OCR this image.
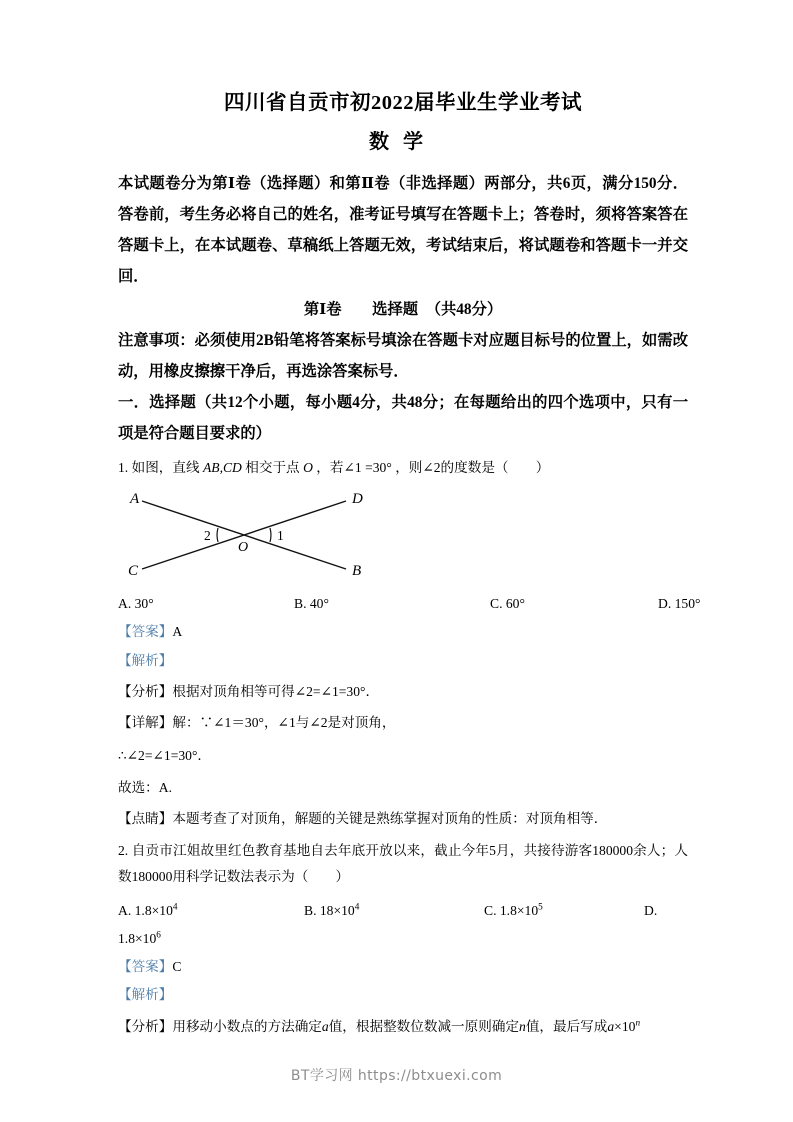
四川省自贡市初2022届毕业生学业考试
数学

本试题卷分为第Ⅰ卷（选择题）和第Ⅱ卷（非选择题）两部分，共6页，满分150分．答卷前，考生务必将自己的姓名，准考证号填写在答题卡上；答卷时，须将答案答在答题卡上，在本试题卷、草稿纸上答题无效，考试结束后，将试题卷和答题卡一并交回．

第Ⅰ卷　　选择题　（共48分）

注意事项：必须使用2B铅笔将答案标号填涂在答题卡对应题目标号的位置上，如需改动，用橡皮擦擦干净后，再选涂答案标号．

一．选择题（共12个小题，每小题4分，共48分；在每题给出的四个选项中，只有一项是符合题目要求的）

1. 如图，直线 AB,CD 相交于点 O ，若∠1 =30° ，则∠2的度数是（　　）

A	D
C	B
O
2	1
A. 30°	B. 40°	C. 60°	D. 150°
【答案】A
【解析】
【分析】根据对顶角相等可得∠2=∠1=30°．
【详解】解：∵∠1＝30°，∠1与∠2是对顶角，
∴∠2=∠1=30°．
故选：A.
【点睛】本题考查了对顶角，解题的关键是熟练掌握对顶角的性质：对顶角相等．

2. 自贡市江姐故里红色教育基地自去年底开放以来，截止今年5月，共接待游客180000余人；人数180000用科学记数法表示为（　　）

A. $1.8\times 10^4$	B. $18\times 10^4$	C. $1.8\times 10^5$	D.
$1.8\times 10^6$
【答案】C
【解析】
【分析】用移动小数点的方法确定a值，根据整数位数减一原则确定n值，最后写成$a\times 10^n$
BT学习网 https://btxuexi.com
